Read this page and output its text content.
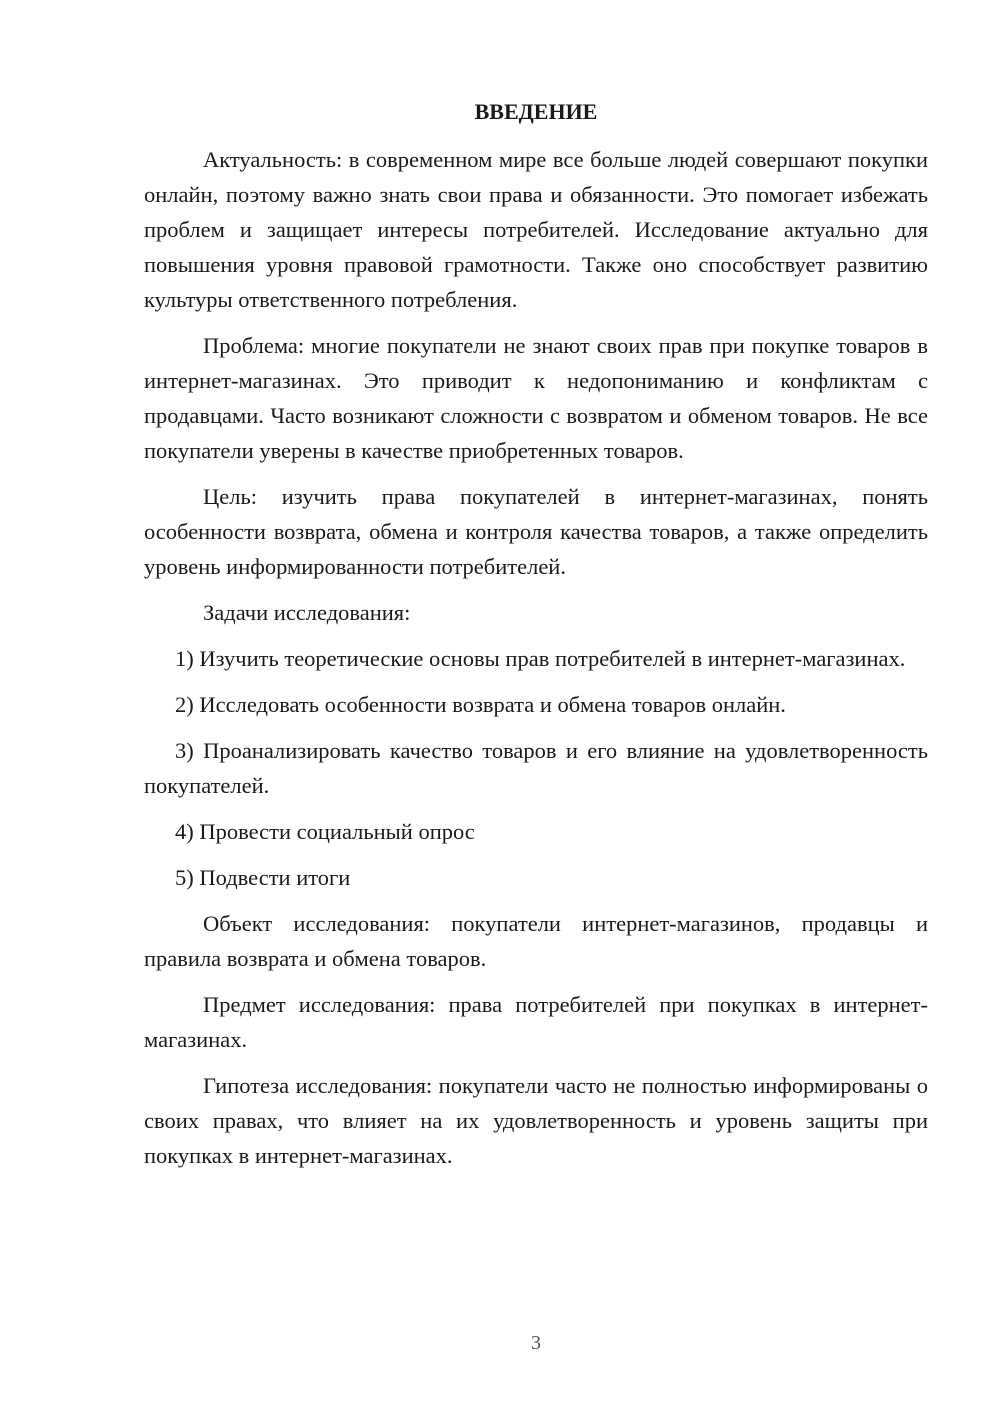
ВВЕДЕНИЕ

Актуальность: в современном мире все больше людей совершают покупки онлайн, поэтому важно знать свои права и обязанности. Это помогает избежать проблем и защищает интересы потребителей. Исследование актуально для повышения уровня правовой грамотности. Также оно способствует развитию культуры ответственного потребления.

Проблема: многие покупатели не знают своих прав при покупке товаров в интернет-магазинах. Это приводит к недопониманию и конфликтам с продавцами. Часто возникают сложности с возвратом и обменом товаров. Не все покупатели уверены в качестве приобретенных товаров.

Цель: изучить права покупателей в интернет-магазинах, понять особенности возврата, обмена и контроля качества товаров, а также определить уровень информированности потребителей.

Задачи исследования:

1) Изучить теоретические основы прав потребителей в интернет-магазинах.

2) Исследовать особенности возврата и обмена товаров онлайн.

3) Проанализировать качество товаров и его влияние на удовлетворенность покупателей.

4) Провести социальный опрос

5) Подвести итоги

Объект исследования: покупатели интернет-магазинов, продавцы и правила возврата и обмена товаров.

Предмет исследования: права потребителей при покупках в интернет-магазинах.

Гипотеза исследования: покупатели часто не полностью информированы о своих правах, что влияет на их удовлетворенность и уровень защиты при покупках в интернет-магазинах.

3
